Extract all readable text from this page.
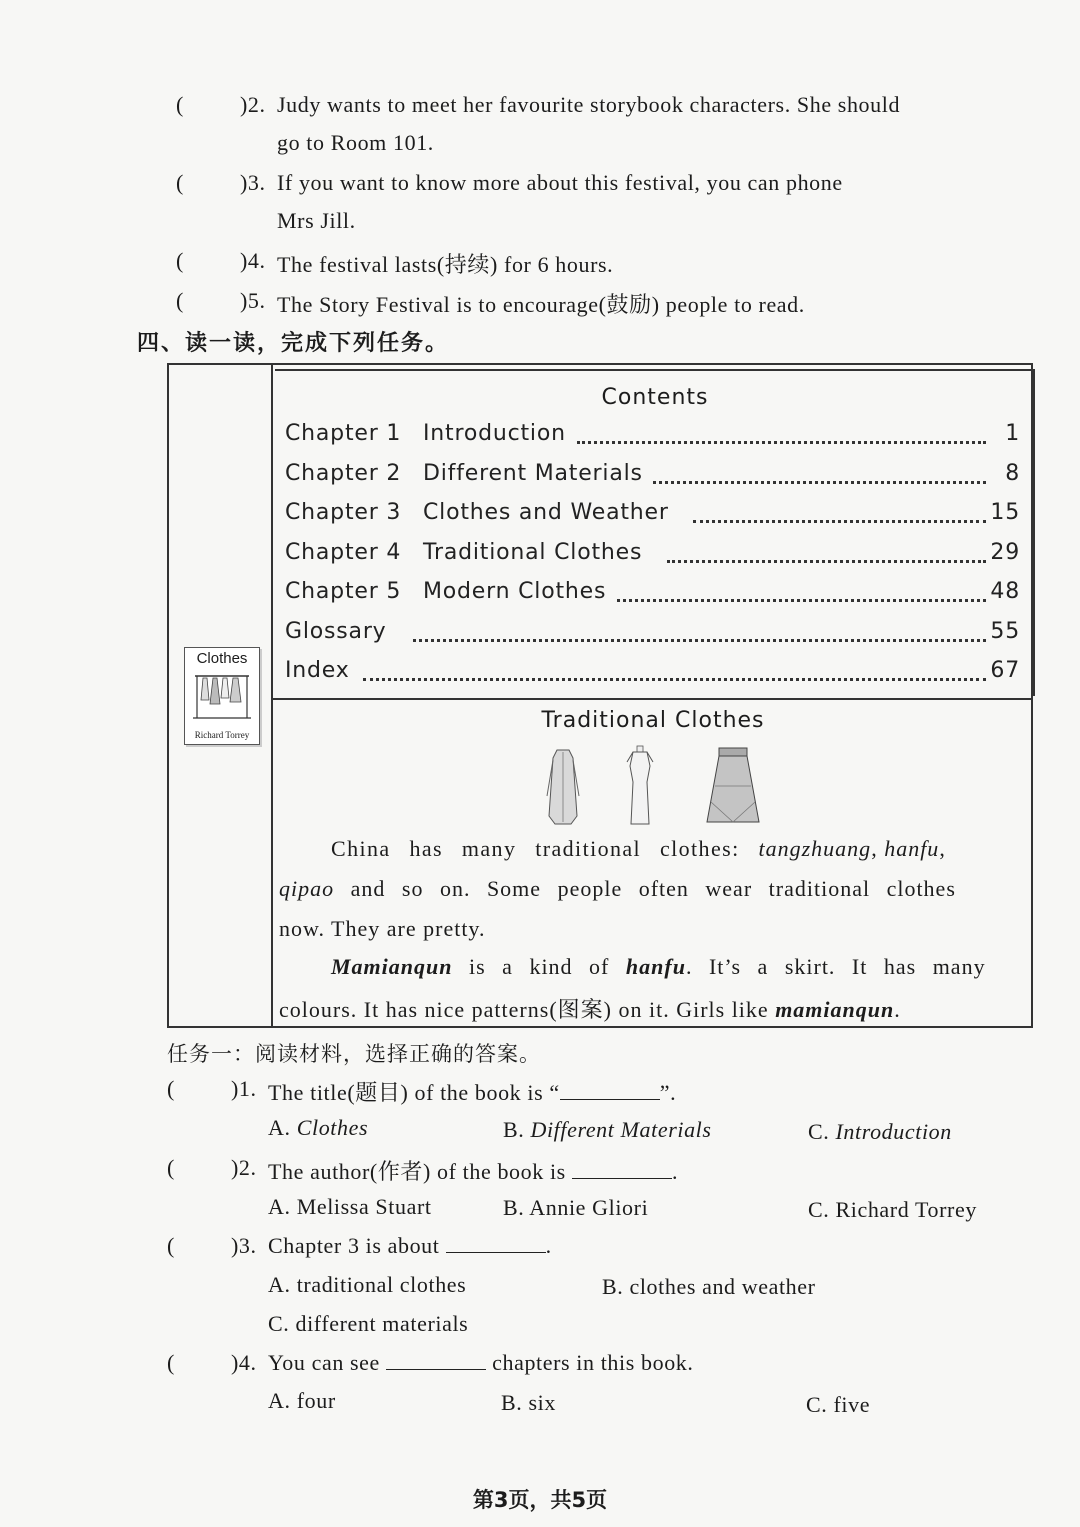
(	)2. Judy wants to meet her favourite storybook characters. She should
go to Room 101.
(	)3. If you want to know more about this festival, you can phone
Mrs Jill.
(	)4. The festival lasts(持续) for 6 hours.
(	)5. The Story Festival is to encourage(鼓励) people to read.
四、读一读，完成下列任务。
Clothes
Richard Torrey
Contents
Chapter 1 Introduction	1
Chapter 2 Different Materials	8
Chapter 3 Clothes and Weather	15
Chapter 4 Traditional Clothes	29
Chapter 5 Modern Clothes	48
Glossary	55
Index	67
Traditional Clothes
China has many traditional clothes: tangzhuang, hanfu,
qipao and so on. Some people often wear traditional clothes
now. They are pretty.
Mamianqun is a kind of hanfu. It’s a skirt. It has many
colours. It has nice patterns(图案) on it. Girls like mamianqun.
任务一：阅读材料，选择正确的答案。
(	)1. The title(题目) of the book is “	”.
A. Clothes	B. Different Materials	C. Introduction
(	)2. The author(作者) of the book is	.
A. Melissa Stuart	B. Annie Gliori	C. Richard Torrey
(	)3. Chapter 3 is about	.
A. traditional clothes	B. clothes and weather
C. different materials
(	)4. You can see	chapters in this book.
A. four	B. six	C. five
第3页，共5页
